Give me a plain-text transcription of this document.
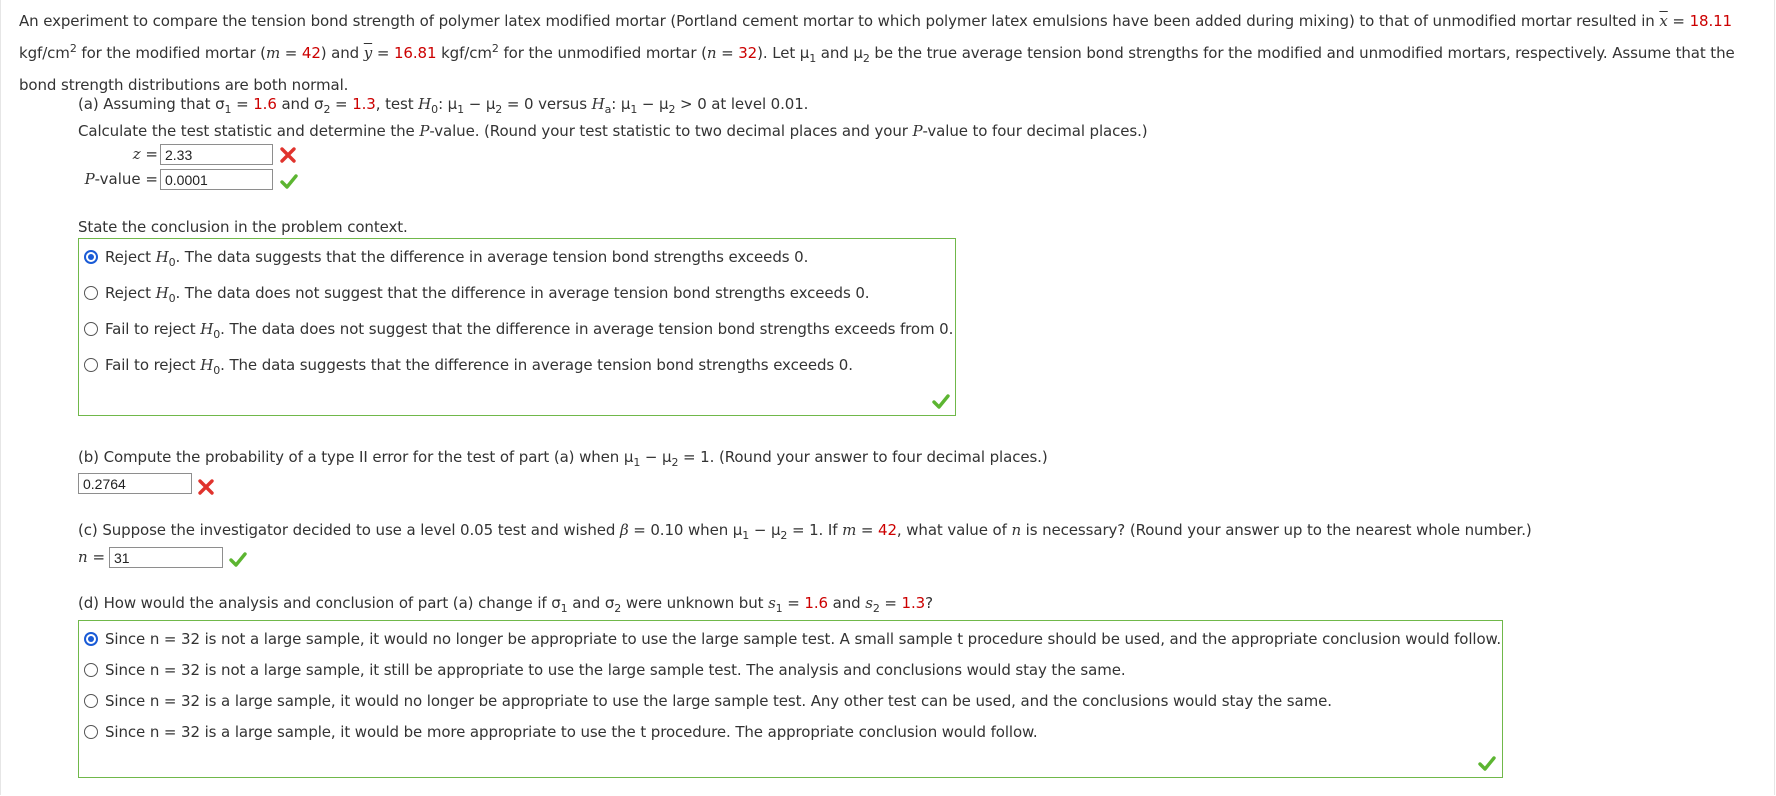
An experiment to compare the tension bond strength of polymer latex modified mortar (Portland cement mortar to which polymer latex emulsions have been added during mixing) to that of unmodified mortar resulted in $\overline{x} = 18.11$ kgf/$cm^2$ for the modified mortar (m = 42) and $\overline{y} = 16.81$ kgf/$cm^2$ for the unmodified mortar (n = 32). Let $\mu_1$ and $\mu_2$ be the true average tension bond strengths for the modified and unmodified mortars, respectively. Assume that the bond strength distributions are both normal.
(a) Assuming that $\sigma_1 = 1.6$ and $\sigma_2 = 1.3$, test $H_0$: $\mu_1 - \mu_2 = 0$ versus $H_a$: $\mu_1 - \mu_2 > 0$ at level 0.01.
Calculate the test statistic and determine the P-value. (Round your test statistic to two decimal places and your P-value to four decimal places.)
z = 2.33
P-value = 0.0001
State the conclusion in the problem context.
Reject $H_0$. The data suggests that the difference in average tension bond strengths exceeds 0.
Reject $H_0$. The data does not suggest that the difference in average tension bond strengths exceeds 0.
Fail to reject $H_0$. The data does not suggest that the difference in average tension bond strengths exceeds from 0.
Fail to reject $H_0$. The data suggests that the difference in average tension bond strengths exceeds 0.
(b) Compute the probability of a type II error for the test of part (a) when $\mu_1 - \mu_2 = 1$. (Round your answer to four decimal places.)
0.2764
(c) Suppose the investigator decided to use a level 0.05 test and wished β = 0.10 when $\mu_1 - \mu_2 = 1$. If m = 42, what value of n is necessary? (Round your answer up to the nearest whole number.)
n = 31
(d) How would the analysis and conclusion of part (a) change if $\sigma_1$ and $\sigma_2$ were unknown but $s_1 = 1.6$ and $s_2 = 1.3$?
Since n = 32 is not a large sample, it would no longer be appropriate to use the large sample test. A small sample t procedure should be used, and the appropriate conclusion would follow.
Since n = 32 is not a large sample, it still be appropriate to use the large sample test. The analysis and conclusions would stay the same.
Since n = 32 is a large sample, it would no longer be appropriate to use the large sample test. Any other test can be used, and the conclusions would stay the same.
Since n = 32 is a large sample, it would be more appropriate to use the t procedure. The appropriate conclusion would follow.
